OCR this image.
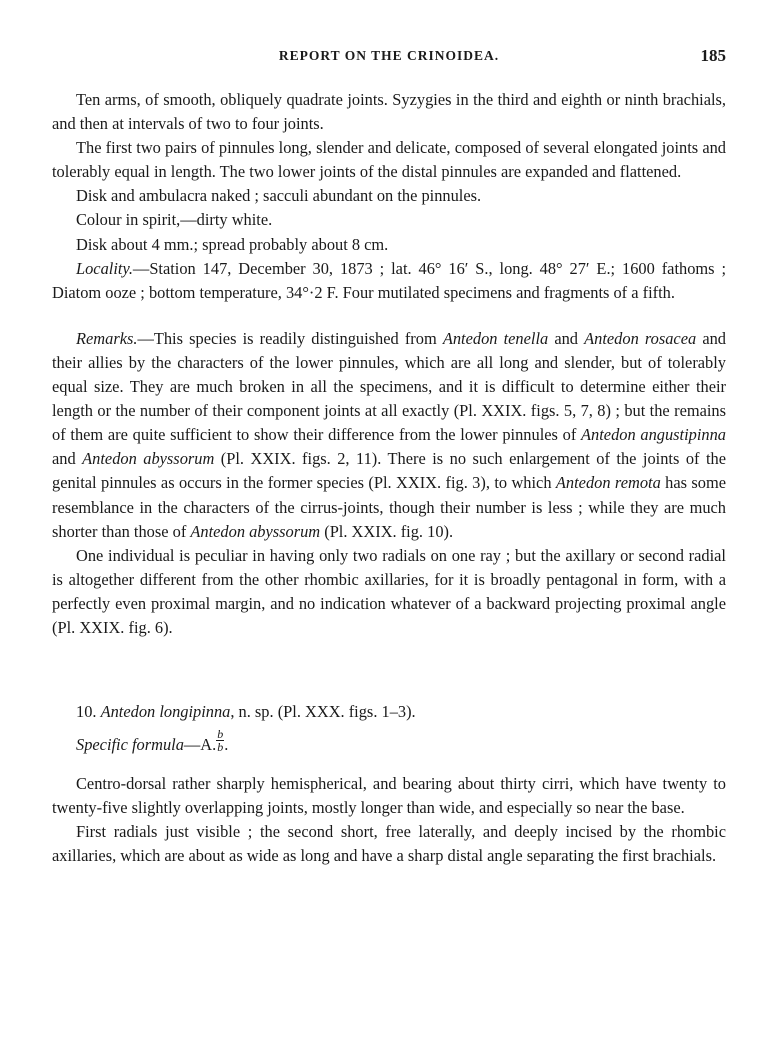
REPORT ON THE CRINOIDEA.	185

Ten arms, of smooth, obliquely quadrate joints. Syzygies in the third and eighth or ninth brachials, and then at intervals of two to four joints.

The first two pairs of pinnules long, slender and delicate, composed of several elongated joints and tolerably equal in length. The two lower joints of the distal pinnules are expanded and flattened.

Disk and ambulacra naked ; sacculi abundant on the pinnules.

Colour in spirit,—dirty white.

Disk about 4 mm.; spread probably about 8 cm.

Locality.—Station 147, December 30, 1873 ; lat. 46° 16′ S., long. 48° 27′ E.; 1600 fathoms ; Diatom ooze ; bottom temperature, 34°·2 F. Four mutilated specimens and fragments of a fifth.

Remarks.—This species is readily distinguished from Antedon tenella and Antedon rosacea and their allies by the characters of the lower pinnules, which are all long and slender, but of tolerably equal size. They are much broken in all the specimens, and it is difficult to determine either their length or the number of their component joints at all exactly (Pl. XXIX. figs. 5, 7, 8) ; but the remains of them are quite sufficient to show their difference from the lower pinnules of Antedon angustipinna and Antedon abyssorum (Pl. XXIX. figs. 2, 11). There is no such enlargement of the joints of the genital pinnules as occurs in the former species (Pl. XXIX. fig. 3), to which Antedon remota has some resemblance in the characters of the cirrus-joints, though their number is less ; while they are much shorter than those of Antedon abyssorum (Pl. XXIX. fig. 10).

One individual is peculiar in having only two radials on one ray ; but the axillary or second radial is altogether different from the other rhombic axillaries, for it is broadly pentagonal in form, with a perfectly even proximal margin, and no indication whatever of a backward projecting proximal angle (Pl. XXIX. fig. 6).

10. Antedon longipinna, n. sp. (Pl. XXX. figs. 1–3).

Specific formula—A. $\frac{b}{b}$ .

Centro-dorsal rather sharply hemispherical, and bearing about thirty cirri, which have twenty to twenty-five slightly overlapping joints, mostly longer than wide, and especially so near the base.

First radials just visible ; the second short, free laterally, and deeply incised by the rhombic axillaries, which are about as wide as long and have a sharp distal angle separating the first brachials.
